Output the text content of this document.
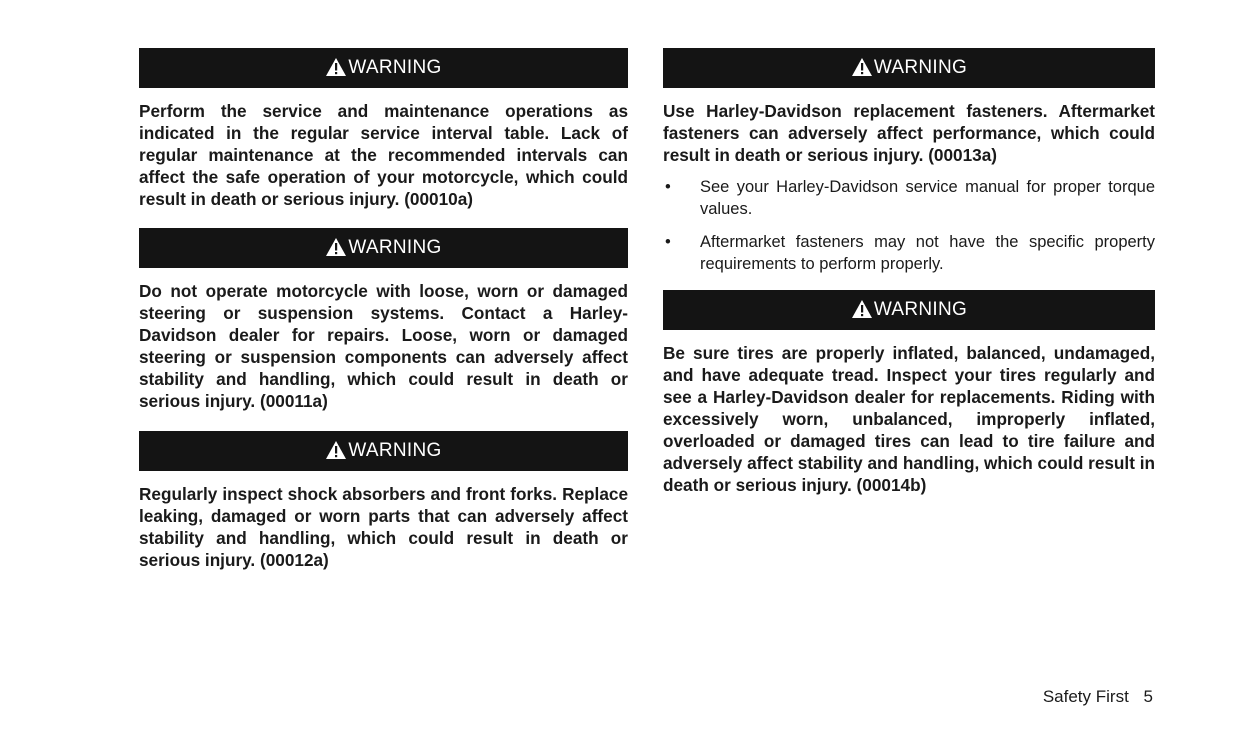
WARNING

Perform the service and maintenance operations as indicated in the regular service interval table. Lack of regular maintenance at the recommended intervals can affect the safe operation of your motorcycle, which could result in death or serious injury. (00010a)

WARNING

Do not operate motorcycle with loose, worn or damaged steering or suspension systems. Contact a Harley-Davidson dealer for repairs. Loose, worn or damaged steering or suspension components can adversely affect stability and handling, which could result in death or serious injury. (00011a)

WARNING

Regularly inspect shock absorbers and front forks. Replace leaking, damaged or worn parts that can adversely affect stability and handling, which could result in death or serious injury. (00012a)

WARNING

Use Harley-Davidson replacement fasteners. Aftermarket fasteners can adversely affect performance, which could result in death or serious injury. (00013a)

• See your Harley-Davidson service manual for proper torque values.
• Aftermarket fasteners may not have the specific property requirements to perform properly.
WARNING

Be sure tires are properly inflated, balanced, undamaged, and have adequate tread. Inspect your tires regularly and see a Harley-Davidson dealer for replacements. Riding with excessively worn, unbalanced, improperly inflated, overloaded or damaged tires can lead to tire failure and adversely affect stability and handling, which could result in death or serious injury. (00014b)

Safety First 5
